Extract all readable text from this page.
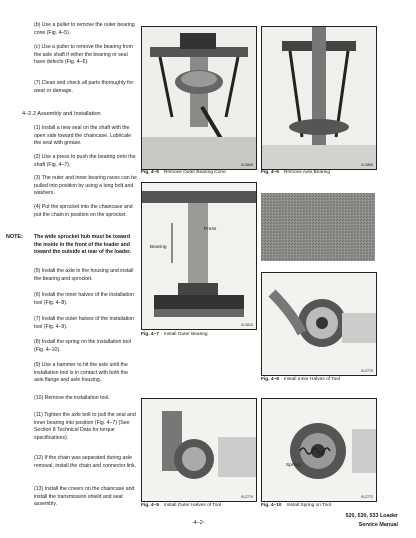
(b) Use a puller to remove the outer bearing cone (Fig. 4–5).

(c) Use a puller to remove the bearing from the axle shaft if either the bearing or seal have defects (Fig. 4–6).

(7) Clean and check all parts thoroughly for wear or damage.

4–2.2 Assembly and Installation

(1) Install a new seal on the shaft with the open side toward the chaincase. Lubricate the seal with grease.

(2) Use a press to push the bearing onto the shaft (Fig. 4–7).

(3) The outer and inner bearing races can be pulled into position by using a long bolt and washers.

(4) Put the sprocket into the chaincase and put the chain in position on the sprocket.

NOTE: The wide sprocket hub must be toward the inside in the front of the loader and toward the outside at rear of the loader.

(5) Install the axle in the housing and install the bearing and sprocket.

(6) Install the inner halves of the installation tool (Fig. 4–8).

(7) Install the outer halves of the installation tool (Fig. 4–9).

(8) Install the spring on the installation tool (Fig. 4–10).

(9) Use a hammer to hit the axle until the installation tool is in contact with both the axle flange and axle housing.

(10) Remove the installation tool.

(11) Tighten the axle bolt to pull the seal and inner bearing into position (Fig. 4–7) (See Section 8 Technical Data for torque specifications).

(12) If the chain was separated during axle removal, install the chain and connector link.

(13) Install the covers on the chaincase and install the transmission shield and seat assembly.

B-2849
Fig. 4–5 Remove Outer Bearing Cone
B-2865
Fig. 4–6 Remove Axle Bearing
Press
Bearing
B-2810
Fig. 4–7 Install Outer Bearing
B-2770
Fig. 4–8 Install Inner Halves of Tool
B-2774
Fig. 4–9 Install Outer Halves of Tool
Spring
B-2772
Fig. 4–10 Install Spring on Tool
-4–2-
520, 530, 533 Loader
Service Manual
